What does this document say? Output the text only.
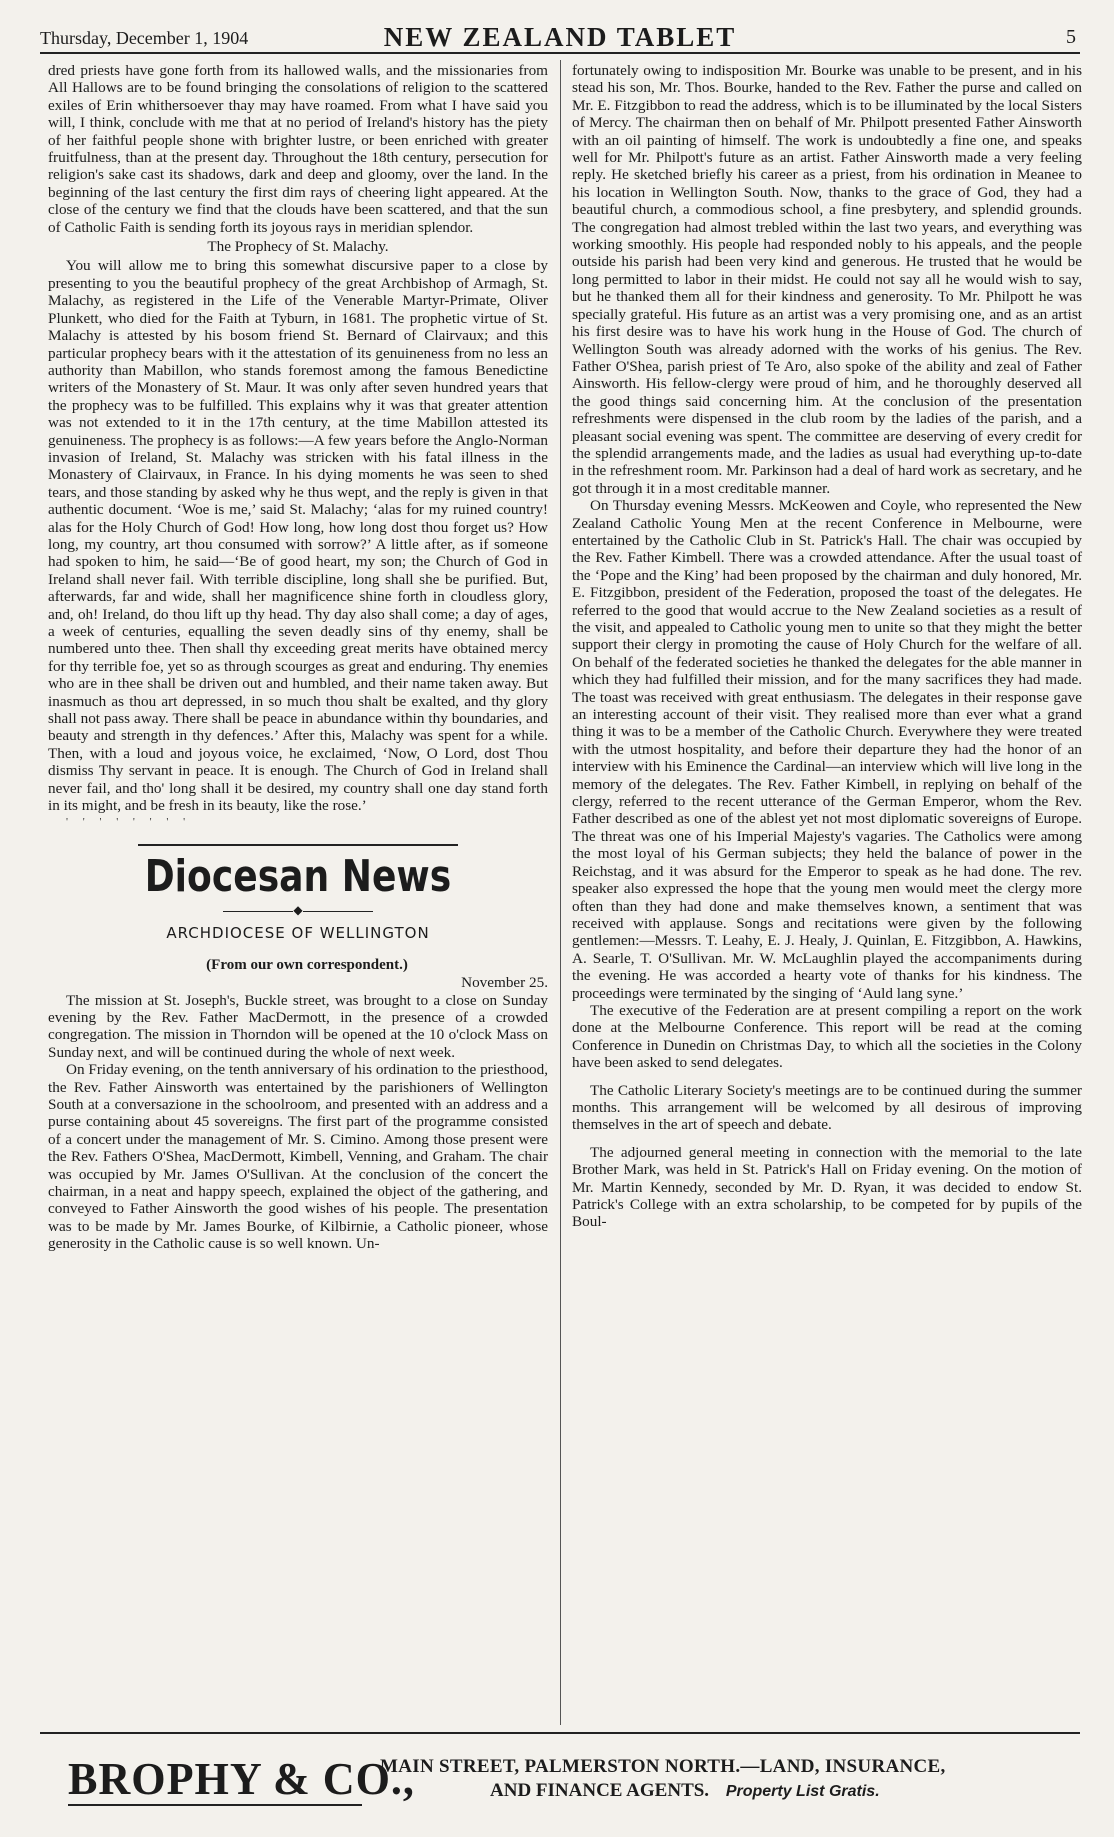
Thursday, December 1, 1904	NEW ZEALAND TABLET	5

dred priests have gone forth from its hallowed walls, and the missionaries from All Hallows are to be found bringing the consolations of religion to the scattered exiles of Erin whithersoever thay may have roamed. From what I have said you will, I think, conclude with me that at no period of Ireland's history has the piety of her faithful people shone with brighter lustre, or been enriched with greater fruitfulness, than at the present day. Throughout the 18th century, persecution for religion's sake cast its shadows, dark and deep and gloomy, over the land. In the beginning of the last century the first dim rays of cheering light appeared. At the close of the century we find that the clouds have been scattered, and that the sun of Catholic Faith is sending forth its joyous rays in meridian splendor.

The Prophecy of St. Malachy.

You will allow me to bring this somewhat discursive paper to a close by presenting to you the beautiful prophecy of the great Archbishop of Armagh, St. Malachy, as registered in the Life of the Venerable Martyr-Primate, Oliver Plunkett, who died for the Faith at Tyburn, in 1681. The prophetic virtue of St. Malachy is attested by his bosom friend St. Bernard of Clairvaux; and this particular prophecy bears with it the attestation of its genuineness from no less an authority than Mabillon, who stands foremost among the famous Benedictine writers of the Monastery of St. Maur. It was only after seven hundred years that the prophecy was to be fulfilled. This explains why it was that greater attention was not extended to it in the 17th century, at the time Mabillon attested its genuineness. The prophecy is as follows:—A few years before the Anglo-Norman invasion of Ireland, St. Malachy was stricken with his fatal illness in the Monastery of Clairvaux, in France. In his dying moments he was seen to shed tears, and those standing by asked why he thus wept, and the reply is given in that authentic document. ‘Woe is me,’ said St. Malachy; ‘alas for my ruined country! alas for the Holy Church of God! How long, how long dost thou forget us? How long, my country, art thou consumed with sorrow?’ A little after, as if someone had spoken to him, he said—‘Be of good heart, my son; the Church of God in Ireland shall never fail. With terrible discipline, long shall she be purified. But, afterwards, far and wide, shall her magnificence shine forth in cloudless glory, and, oh! Ireland, do thou lift up thy head. Thy day also shall come; a day of ages, a week of centuries, equalling the seven deadly sins of thy enemy, shall be numbered unto thee. Then shall thy exceeding great merits have obtained mercy for thy terrible foe, yet so as through scourges as great and enduring. Thy enemies who are in thee shall be driven out and humbled, and their name taken away. But inasmuch as thou art depressed, in so much thou shalt be exalted, and thy glory shall not pass away. There shall be peace in abundance within thy boundaries, and beauty and strength in thy defences.’ After this, Malachy was spent for a while. Then, with a loud and joyous voice, he exclaimed, ‘Now, O Lord, dost Thou dismiss Thy servant in peace. It is enough. The Church of God in Ireland shall never fail, and tho' long shall it be desired, my country shall one day stand forth in its might, and be fresh in its beauty, like the rose.’

' ' ' ' ' ' ' '

Diocesan News
◆
ARCHDIOCESE OF WELLINGTON

(From our own correspondent.)

November 25.

The mission at St. Joseph's, Buckle street, was brought to a close on Sunday evening by the Rev. Father MacDermott, in the presence of a crowded congregation. The mission in Thorndon will be opened at the 10 o'clock Mass on Sunday next, and will be continued during the whole of next week.

On Friday evening, on the tenth anniversary of his ordination to the priesthood, the Rev. Father Ainsworth was entertained by the parishioners of Wellington South at a conversazione in the schoolroom, and presented with an address and a purse containing about 45 sovereigns. The first part of the programme consisted of a concert under the management of Mr. S. Cimino. Among those present were the Rev. Fathers O'Shea, MacDermott, Kimbell, Venning, and Graham. The chair was occupied by Mr. James O'Sullivan. At the conclusion of the concert the chairman, in a neat and happy speech, explained the object of the gathering, and conveyed to Father Ainsworth the good wishes of his people. The presentation was to be made by Mr. James Bourke, of Kilbirnie, a Catholic pioneer, whose generosity in the Catholic cause is so well known. Un-

fortunately owing to indisposition Mr. Bourke was unable to be present, and in his stead his son, Mr. Thos. Bourke, handed to the Rev. Father the purse and called on Mr. E. Fitzgibbon to read the address, which is to be illuminated by the local Sisters of Mercy. The chairman then on behalf of Mr. Philpott presented Father Ainsworth with an oil painting of himself. The work is undoubtedly a fine one, and speaks well for Mr. Philpott's future as an artist. Father Ainsworth made a very feeling reply. He sketched briefly his career as a priest, from his ordination in Meanee to his location in Wellington South. Now, thanks to the grace of God, they had a beautiful church, a commodious school, a fine presbytery, and splendid grounds. The congregation had almost trebled within the last two years, and everything was working smoothly. His people had responded nobly to his appeals, and the people outside his parish had been very kind and generous. He trusted that he would be long permitted to labor in their midst. He could not say all he would wish to say, but he thanked them all for their kindness and generosity. To Mr. Philpott he was specially grateful. His future as an artist was a very promising one, and as an artist his first desire was to have his work hung in the House of God. The church of Wellington South was already adorned with the works of his genius. The Rev. Father O'Shea, parish priest of Te Aro, also spoke of the ability and zeal of Father Ainsworth. His fellow-clergy were proud of him, and he thoroughly deserved all the good things said concerning him. At the conclusion of the presentation refreshments were dispensed in the club room by the ladies of the parish, and a pleasant social evening was spent. The committee are deserving of every credit for the splendid arrangements made, and the ladies as usual had everything up-to-date in the refreshment room. Mr. Parkinson had a deal of hard work as secretary, and he got through it in a most creditable manner.

On Thursday evening Messrs. McKeowen and Coyle, who represented the New Zealand Catholic Young Men at the recent Conference in Melbourne, were entertained by the Catholic Club in St. Patrick's Hall. The chair was occupied by the Rev. Father Kimbell. There was a crowded attendance. After the usual toast of the ‘Pope and the King’ had been proposed by the chairman and duly honored, Mr. E. Fitzgibbon, president of the Federation, proposed the toast of the delegates. He referred to the good that would accrue to the New Zealand societies as a result of the visit, and appealed to Catholic young men to unite so that they might the better support their clergy in promoting the cause of Holy Church for the welfare of all. On behalf of the federated societies he thanked the delegates for the able manner in which they had fulfilled their mission, and for the many sacrifices they had made. The toast was received with great enthusiasm. The delegates in their response gave an interesting account of their visit. They realised more than ever what a grand thing it was to be a member of the Catholic Church. Everywhere they were treated with the utmost hospitality, and before their departure they had the honor of an interview with his Eminence the Cardinal—an interview which will live long in the memory of the delegates. The Rev. Father Kimbell, in replying on behalf of the clergy, referred to the recent utterance of the German Emperor, whom the Rev. Father described as one of the ablest yet not most diplomatic sovereigns of Europe. The threat was one of his Imperial Majesty's vagaries. The Catholics were among the most loyal of his German subjects; they held the balance of power in the Reichstag, and it was absurd for the Emperor to speak as he had done. The rev. speaker also expressed the hope that the young men would meet the clergy more often than they had done and make themselves known, a sentiment that was received with applause. Songs and recitations were given by the following gentlemen:—Messrs. T. Leahy, E. J. Healy, J. Quinlan, E. Fitzgibbon, A. Hawkins, A. Searle, T. O'Sullivan. Mr. W. McLaughlin played the accompaniments during the evening. He was accorded a hearty vote of thanks for his kindness. The proceedings were terminated by the singing of ‘Auld lang syne.’

The executive of the Federation are at present compiling a report on the work done at the Melbourne Conference. This report will be read at the coming Conference in Dunedin on Christmas Day, to which all the societies in the Colony have been asked to send delegates.

The Catholic Literary Society's meetings are to be continued during the summer months. This arrangement will be welcomed by all desirous of improving themselves in the art of speech and debate.

The adjourned general meeting in connection with the memorial to the late Brother Mark, was held in St. Patrick's Hall on Friday evening. On the motion of Mr. Martin Kennedy, seconded by Mr. D. Ryan, it was decided to endow St. Patrick's College with an extra scholarship, to be competed for by pupils of the Boul-

BROPHY & CO.,
MAIN STREET, PALMERSTON NORTH.—LAND, INSURANCE,
AND FINANCE AGENTS. Property List Gratis.
